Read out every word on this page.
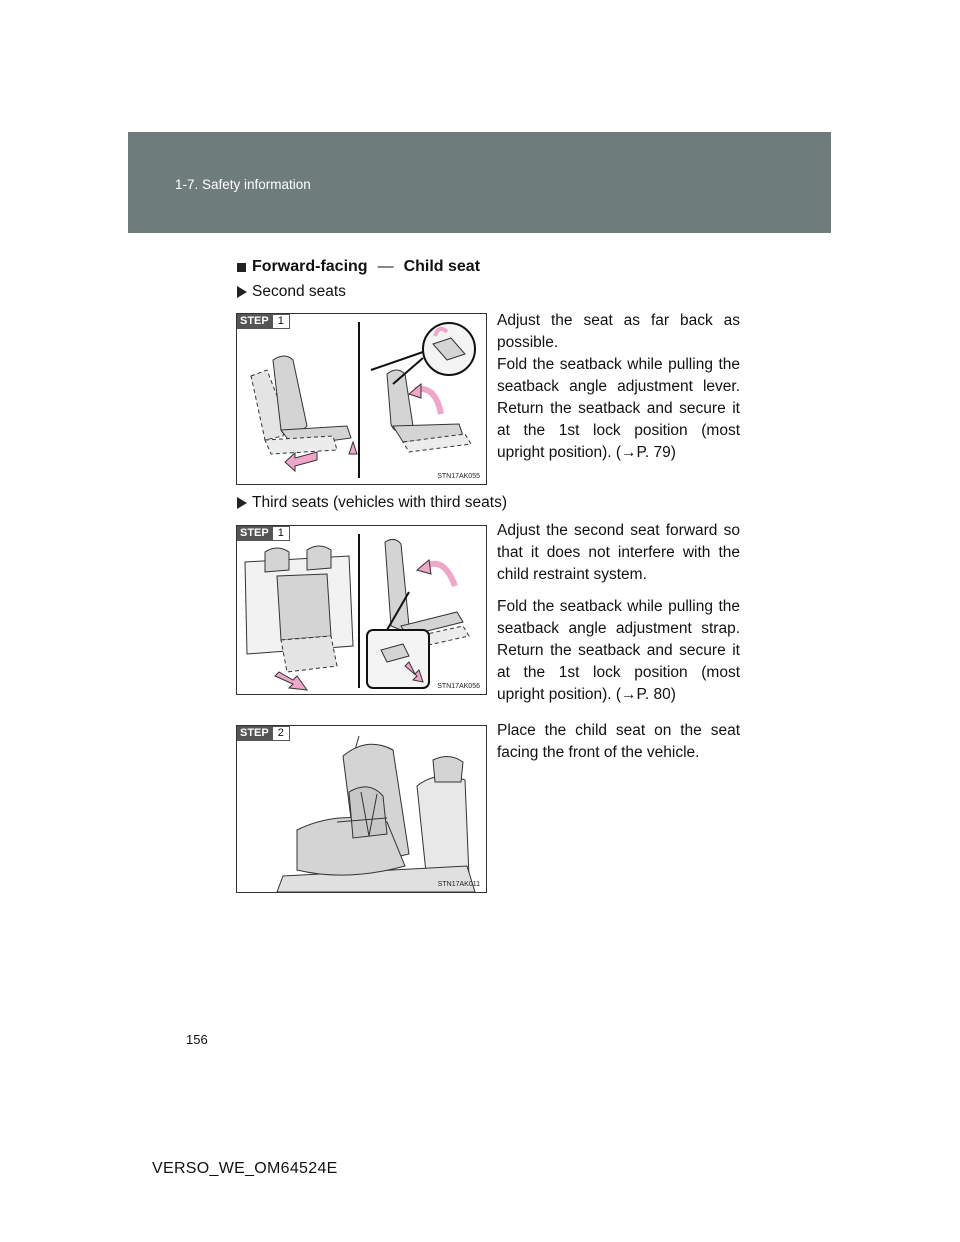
1-7. Safety information
Forward-facing — Child seat
Second seats
STEP 1
STN17AK055

Adjust the seat as far back as possible.

Fold the seatback while pulling the seatback angle adjustment lever. Return the seatback and secure it at the 1st lock position (most upright position). (→P. 79)

Third seats (vehicles with third seats)
STEP 1
STN17AK056

Adjust the second seat forward so that it does not interfere with the child restraint system.

Fold the seatback while pulling the seatback angle adjustment strap. Return the seatback and secure it at the 1st lock position (most upright position). (→P. 80)

STEP 2
STN17AK011

Place the child seat on the seat facing the front of the vehicle.

156
VERSO_WE_OM64524E
